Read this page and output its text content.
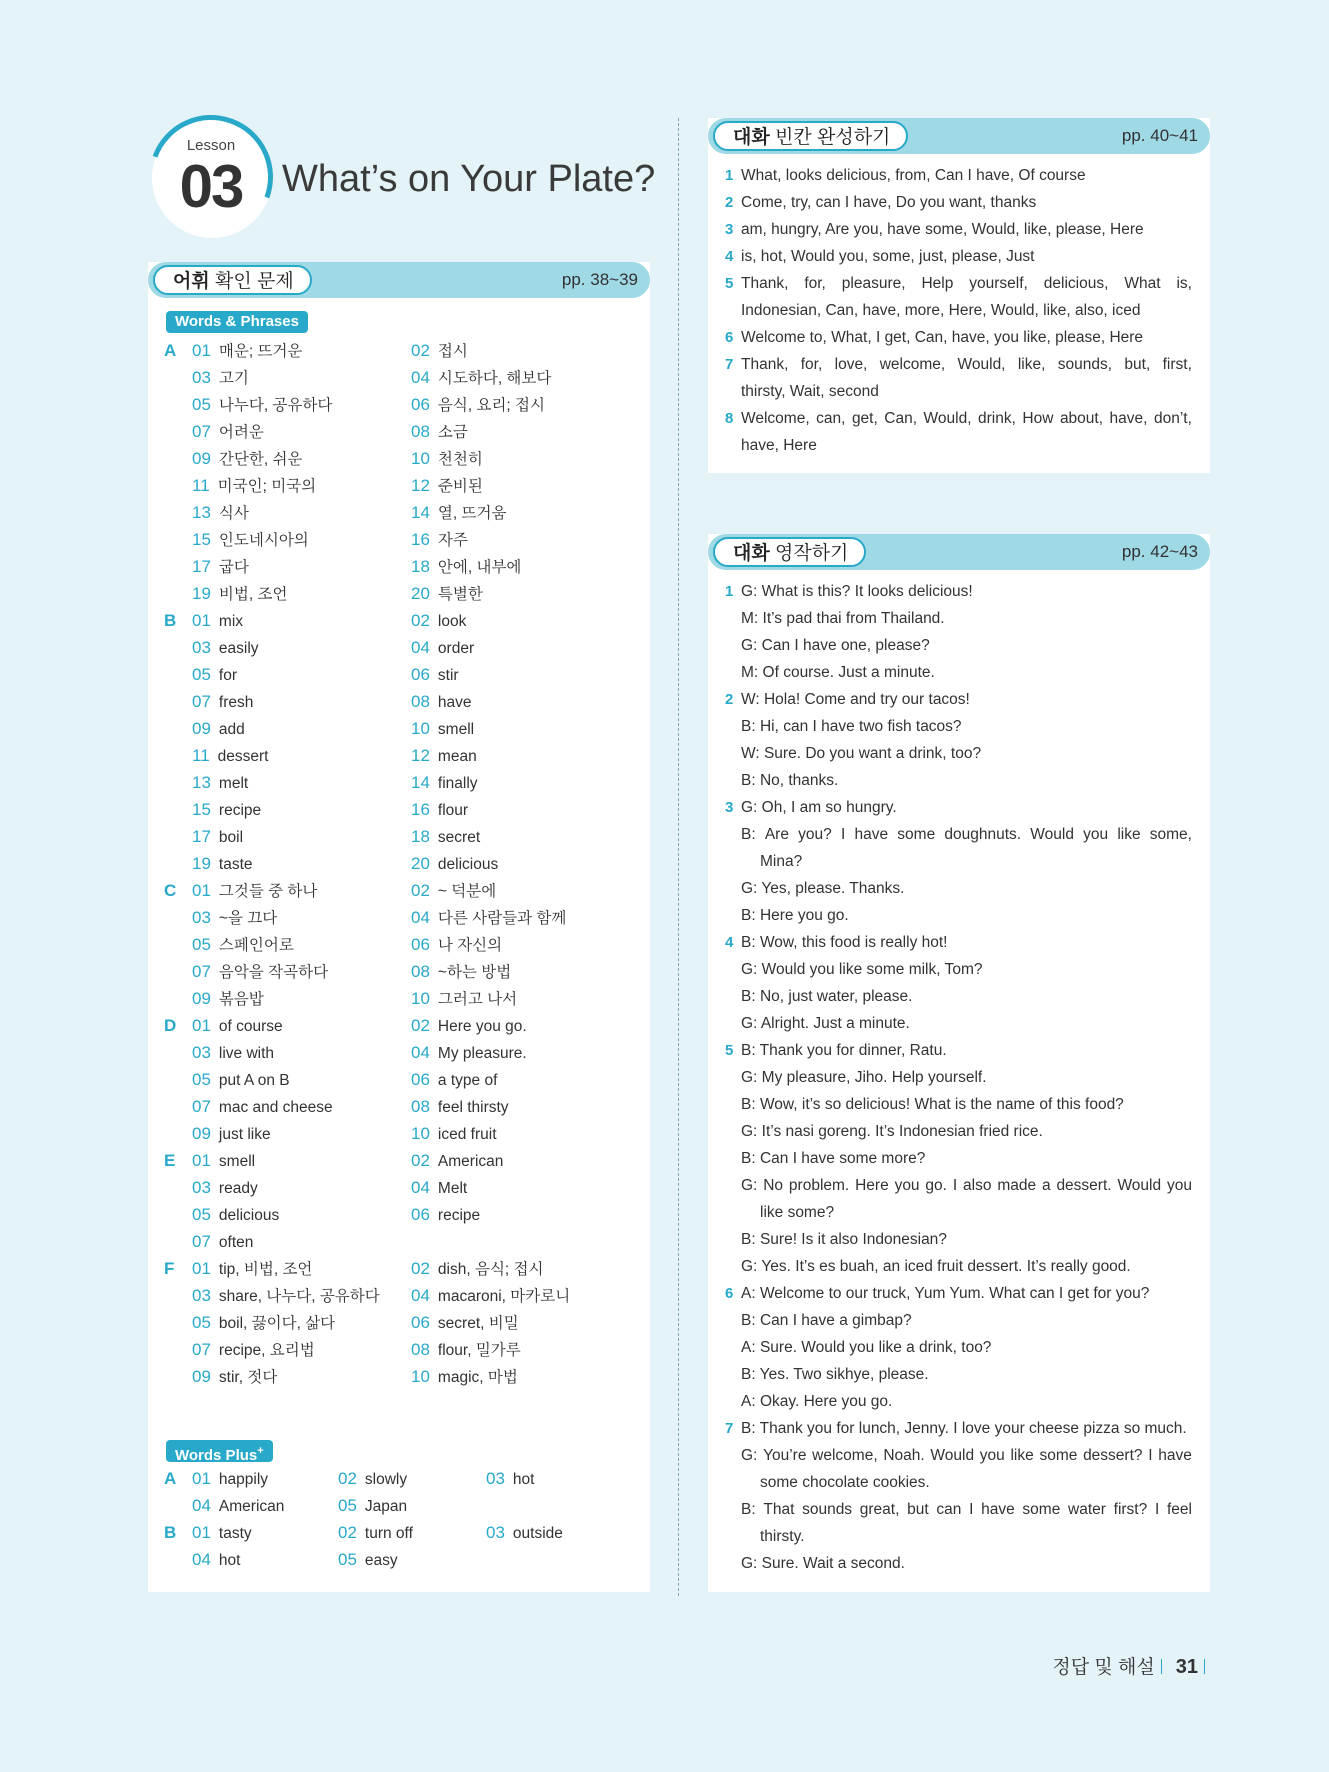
Lesson
03	What’s on Your Plate?
어휘 확인 문제	pp. 38~39
Words & Phrases
A 01 매운; 뜨거운	02 접시
03 고기	04 시도하다, 해보다
05 나누다, 공유하다	06 음식, 요리; 접시
07 어려운	08 소금
09 간단한, 쉬운	10 천천히
11 미국인; 미국의	12 준비된
13 식사	14 열, 뜨거움
15 인도네시아의	16 자주
17 굽다	18 안에, 내부에
19 비법, 조언	20 특별한
B 01 mix	02 look
03 easily	04 order
05 for	06 stir
07 fresh	08 have
09 add	10 smell
11 dessert	12 mean
13 melt	14 finally
15 recipe	16 flour
17 boil	18 secret
19 taste	20 delicious
C 01 그것들 중 하나	02 ~ 덕분에
03 ~을 끄다	04 다른 사람들과 함께
05 스페인어로	06 나 자신의
07 음악을 작곡하다	08 ~하는 방법
09 볶음밥	10 그러고 나서
D 01 of course	02 Here you go.
03 live with	04 My pleasure.
05 put A on B	06 a type of
07 mac and cheese	08 feel thirsty
09 just like	10 iced fruit
E 01 smell	02 American
03 ready	04 Melt
05 delicious	06 recipe
07 often
F 01 tip, 비법, 조언	02 dish, 음식; 접시
03 share, 나누다, 공유하다 04 macaroni, 마카로니
05 boil, 끓이다, 삶다	06 secret, 비밀
07 recipe, 요리법	08 flour, 밀가루
09 stir, 젓다	10 magic, 마법
Words Plus+
A 01 happily	02 slowly	03 hot
04 American	05 Japan
B 01 tasty	02 turn off	03 outside
04 hot	05 easy
대화 빈칸 완성하기	pp. 40~41
1 What, looks delicious, from, Can I have, Of course
2 Come, try, can I have, Do you want, thanks
3 am, hungry, Are you, have some, Would, like, please, Here
4 is, hot, Would you, some, just, please, Just
5 Thank, for, pleasure, Help yourself, delicious, What is,
Indonesian, Can, have, more, Here, Would, like, also, iced
6 Welcome to, What, I get, Can, have, you like, please, Here
7 Thank, for, love, welcome, Would, like, sounds, but, first,
thirsty, Wait, second
8 Welcome, can, get, Can, Would, drink, How about, have, don’t,
have, Here
대화 영작하기	pp. 42~43
1 G: What is this? It looks delicious!
M: It’s pad thai from Thailand.
G: Can I have one, please?
M: Of course. Just a minute.
2 W: Hola! Come and try our tacos!
B: Hi, can I have two fish tacos?
W: Sure. Do you want a drink, too?
B: No, thanks.
3 G: Oh, I am so hungry.
B: Are you? I have some doughnuts. Would you like some,
Mina?
G: Yes, please. Thanks.
B: Here you go.
4 B: Wow, this food is really hot!
G: Would you like some milk, Tom?
B: No, just water, please.
G: Alright. Just a minute.
5 B: Thank you for dinner, Ratu.
G: My pleasure, Jiho. Help yourself.
B: Wow, it’s so delicious! What is the name of this food?
G: It’s nasi goreng. It’s Indonesian fried rice.
B: Can I have some more?
G: No problem. Here you go. I also made a dessert. Would you
like some?
B: Sure! Is it also Indonesian?
G: Yes. It’s es buah, an iced fruit dessert. It’s really good.
6 A: Welcome to our truck, Yum Yum. What can I get for you?
B: Can I have a gimbap?
A: Sure. Would you like a drink, too?
B: Yes. Two sikhye, please.
A: Okay. Here you go.
7 B: Thank you for lunch, Jenny. I love your cheese pizza so much.
G: You’re welcome, Noah. Would you like some dessert? I have
some chocolate cookies.
B: That sounds great, but can I have some water first? I feel
thirsty.
G: Sure. Wait a second.
정답 및 해설 31
